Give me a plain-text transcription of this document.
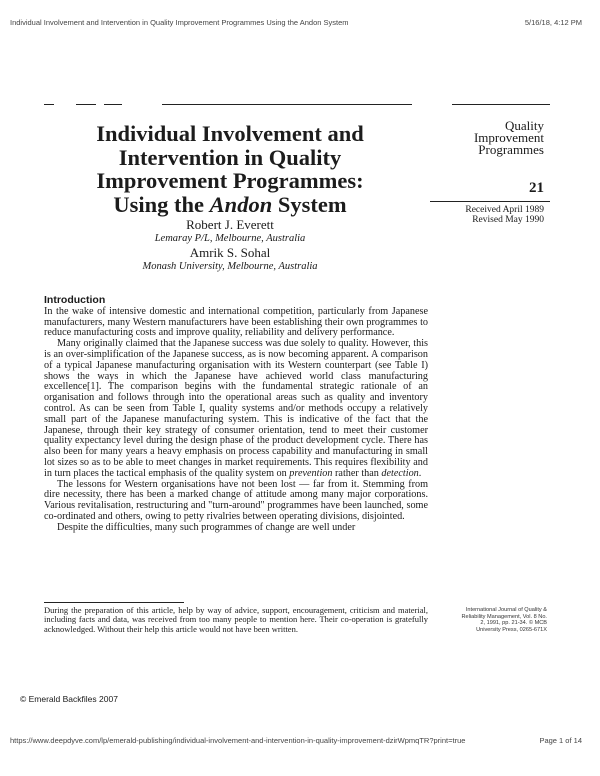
Individual Involvement and Intervention in Quality Improvement Programmes Using the Andon System	5/16/18, 4:12 PM
Individual Involvement and
Intervention in Quality
Improvement Programmes:
Using the Andon System
Robert J. Everett
Lemaray P/L, Melbourne, Australia
Amrik S. Sohal
Monash University, Melbourne, Australia
Quality
Improvement
Programmes
21
Received April 1989
Revised May 1990
Introduction

In the wake of intensive domestic and international competition, particularly from Japanese manufacturers, many Western manufacturers have been establishing their own programmes to reduce manufacturing costs and improve quality, reliability and delivery performance.

Many originally claimed that the Japanese success was due solely to quality. However, this is an over-simplification of the Japanese success, as is now becoming apparent. A comparison of a typical Japanese manufacturing organisation with its Western counterpart (see Table I) shows the ways in which the Japanese have achieved world class manufacturing excellence[1]. The comparison begins with the fundamental strategic rationale of an organisation and follows through into the operational areas such as quality and inventory control. As can be seen from Table I, quality systems and/or methods occupy a relatively small part of the Japanese manufacturing system. This is indicative of the fact that the Japanese, through their key strategy of consumer orientation, tend to meet their customer quality expectancy level during the design phase of the product development cycle. There has also been for many years a heavy emphasis on process capability and manufacturing in small lot sizes so as to be able to meet changes in market requirements. This requires flexibility and in turn places the tactical emphasis of the quality system on prevention rather than detection.

The lessons for Western organisations have not been lost — far from it. Stemming from dire necessity, there has been a marked change of attitude among many major corporations. Various revitalisation, restructuring and "turn-around" programmes have been launched, some co-ordinated and others, owing to petty rivalries between operating divisions, disjointed.

Despite the difficulties, many such programmes of change are well under

During the preparation of this article, help by way of advice, support, encouragement, criticism and material, including facts and data, was received from too many people to mention here. Their co-operation is gratefully acknowledged. Without their help this article would not have been written.
International Journal of Quality &
Reliability Management, Vol. 8 No.
2, 1991, pp. 21-34. © MCB
University Press, 0265-671X
© Emerald Backfiles 2007
https://www.deepdyve.com/lp/emerald-publishing/individual-involvement-and-intervention-in-quality-improvement-dzirWpmqTR?print=true	Page 1 of 14
